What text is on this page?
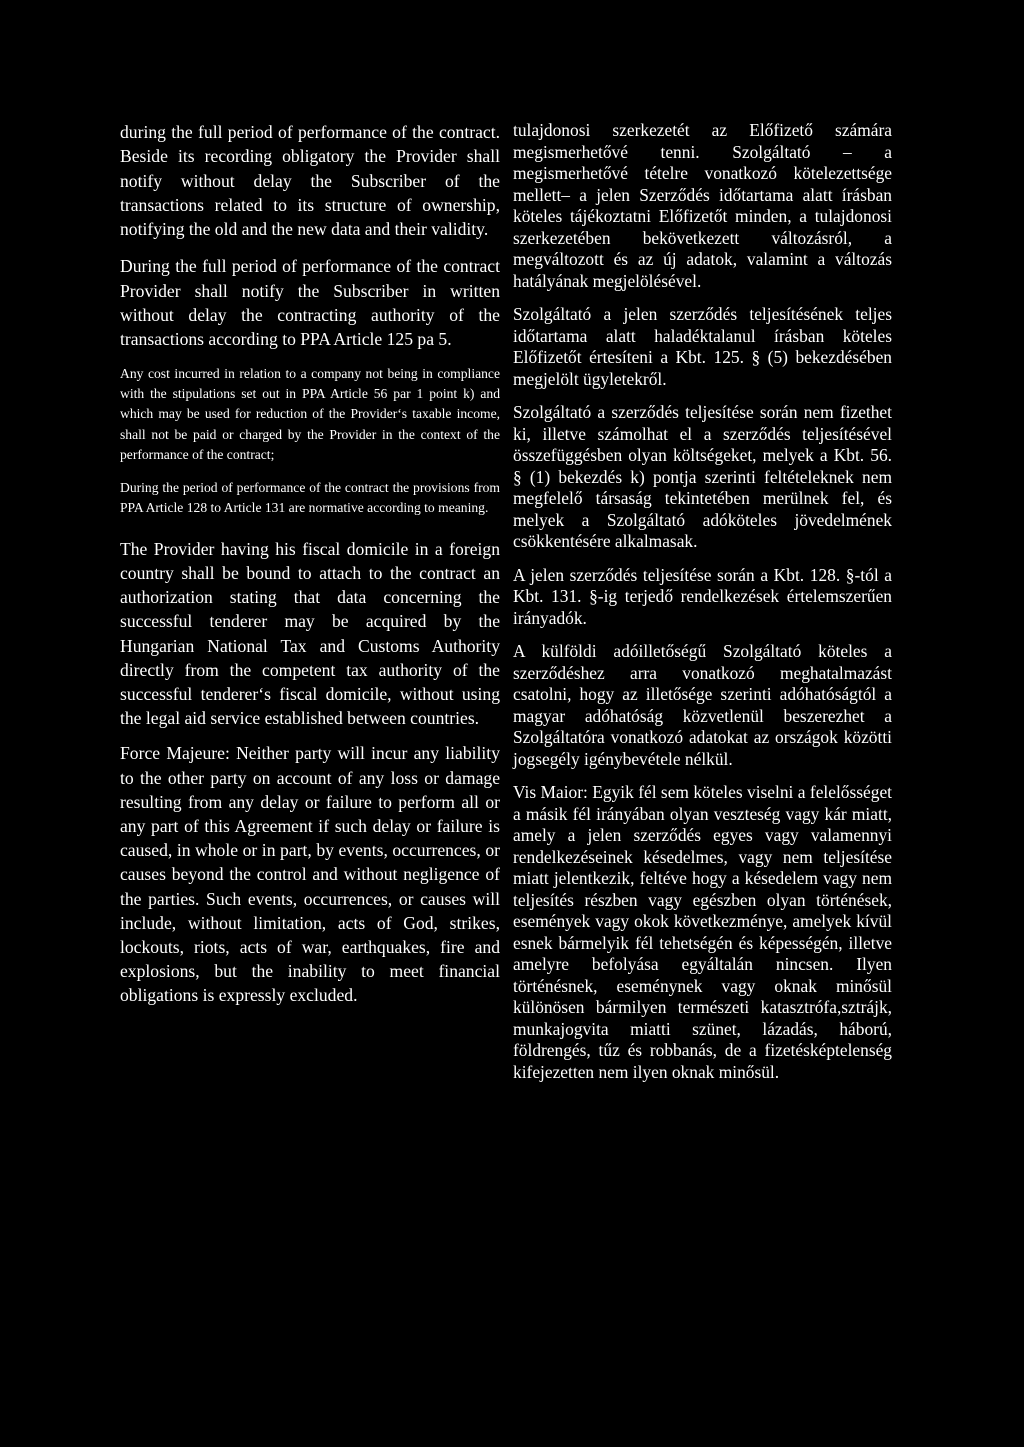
during the full period of performance of the contract. Beside its recording obligatory the Provider shall notify without delay the Subscriber of the transactions related to its structure of ownership, notifying the old and the new data and their validity.

During the full period of performance of the contract Provider shall notify the Subscriber in written without delay the contracting authority of the transactions according to PPA Article 125 pa 5.

Any cost incurred in relation to a company not being in compliance with the stipulations set out in PPA Article 56 par 1 point k) and which may be used for reduction of the Provider‘s taxable income, shall not be paid or charged by the Provider in the context of the performance of the contract;

During the period of performance of the contract the provisions from PPA Article 128 to Article 131 are normative according to meaning.

The Provider having his fiscal domicile in a foreign country shall be bound to attach to the contract an authorization stating that data concerning the successful tenderer may be acquired by the Hungarian National Tax and Customs Authority directly from the competent tax authority of the successful tenderer‘s fiscal domicile, without using the legal aid service established between countries.

Force Majeure: Neither party will incur any liability to the other party on account of any loss or damage resulting from any delay or failure to perform all or any part of this Agreement if such delay or failure is caused, in whole or in part, by events, occurrences, or causes beyond the control and without negligence of the parties. Such events, occurrences, or causes will include, without limitation, acts of God, strikes, lockouts, riots, acts of war, earthquakes, fire and explosions, but the inability to meet financial obligations is expressly excluded.

tulajdonosi szerkezetét az Előfizető számára megismerhetővé tenni. Szolgáltató – a megismerhetővé tételre vonatkozó kötelezettsége mellett– a jelen Szerződés időtartama alatt írásban köteles tájékoztatni Előfizetőt minden, a tulajdonosi szerkezetében bekövetkezett változásról, a megváltozott és az új adatok, valamint a változás hatályának megjelölésével.

Szolgáltató a jelen szerződés teljesítésének teljes időtartama alatt haladéktalanul írásban köteles Előfizetőt értesíteni a Kbt. 125. § (5) bekezdésében megjelölt ügyletekről.

Szolgáltató a szerződés teljesítése során nem fizethet ki, illetve számolhat el a szerződés teljesítésével összefüggésben olyan költségeket, melyek a Kbt. 56. § (1) bekezdés k) pontja szerinti feltételeknek nem megfelelő társaság tekintetében merülnek fel, és melyek a Szolgáltató adóköteles jövedelmének csökkentésére alkalmasak.

A jelen szerződés teljesítése során a Kbt. 128. §-tól a Kbt. 131. §-ig terjedő rendelkezések értelemszerűen irányadók.

A külföldi adóilletőségű Szolgáltató köteles a szerződéshez arra vonatkozó meghatalmazást csatolni, hogy az illetősége szerinti adóhatóságtól a magyar adóhatóság közvetlenül beszerezhet a Szolgáltatóra vonatkozó adatokat az országok közötti jogsegély igénybevétele nélkül.

Vis Maior: Egyik fél sem köteles viselni a felelősséget a másik fél irányában olyan veszteség vagy kár miatt, amely a jelen szerződés egyes vagy valamennyi rendelkezéseinek késedelmes, vagy nem teljesítése miatt jelentkezik, feltéve hogy a késedelem vagy nem teljesítés részben vagy egészben olyan történések, események vagy okok következménye, amelyek kívül esnek bármelyik fél tehetségén és képességén, illetve amelyre befolyása egyáltalán nincsen. Ilyen történésnek, eseménynek vagy oknak minősül különösen bármilyen természeti katasztrófa,sztrájk, munkajogvita miatti szünet, lázadás, háború, földrengés, tűz és robbanás, de a fizetésképtelenség kifejezetten nem ilyen oknak minősül.
